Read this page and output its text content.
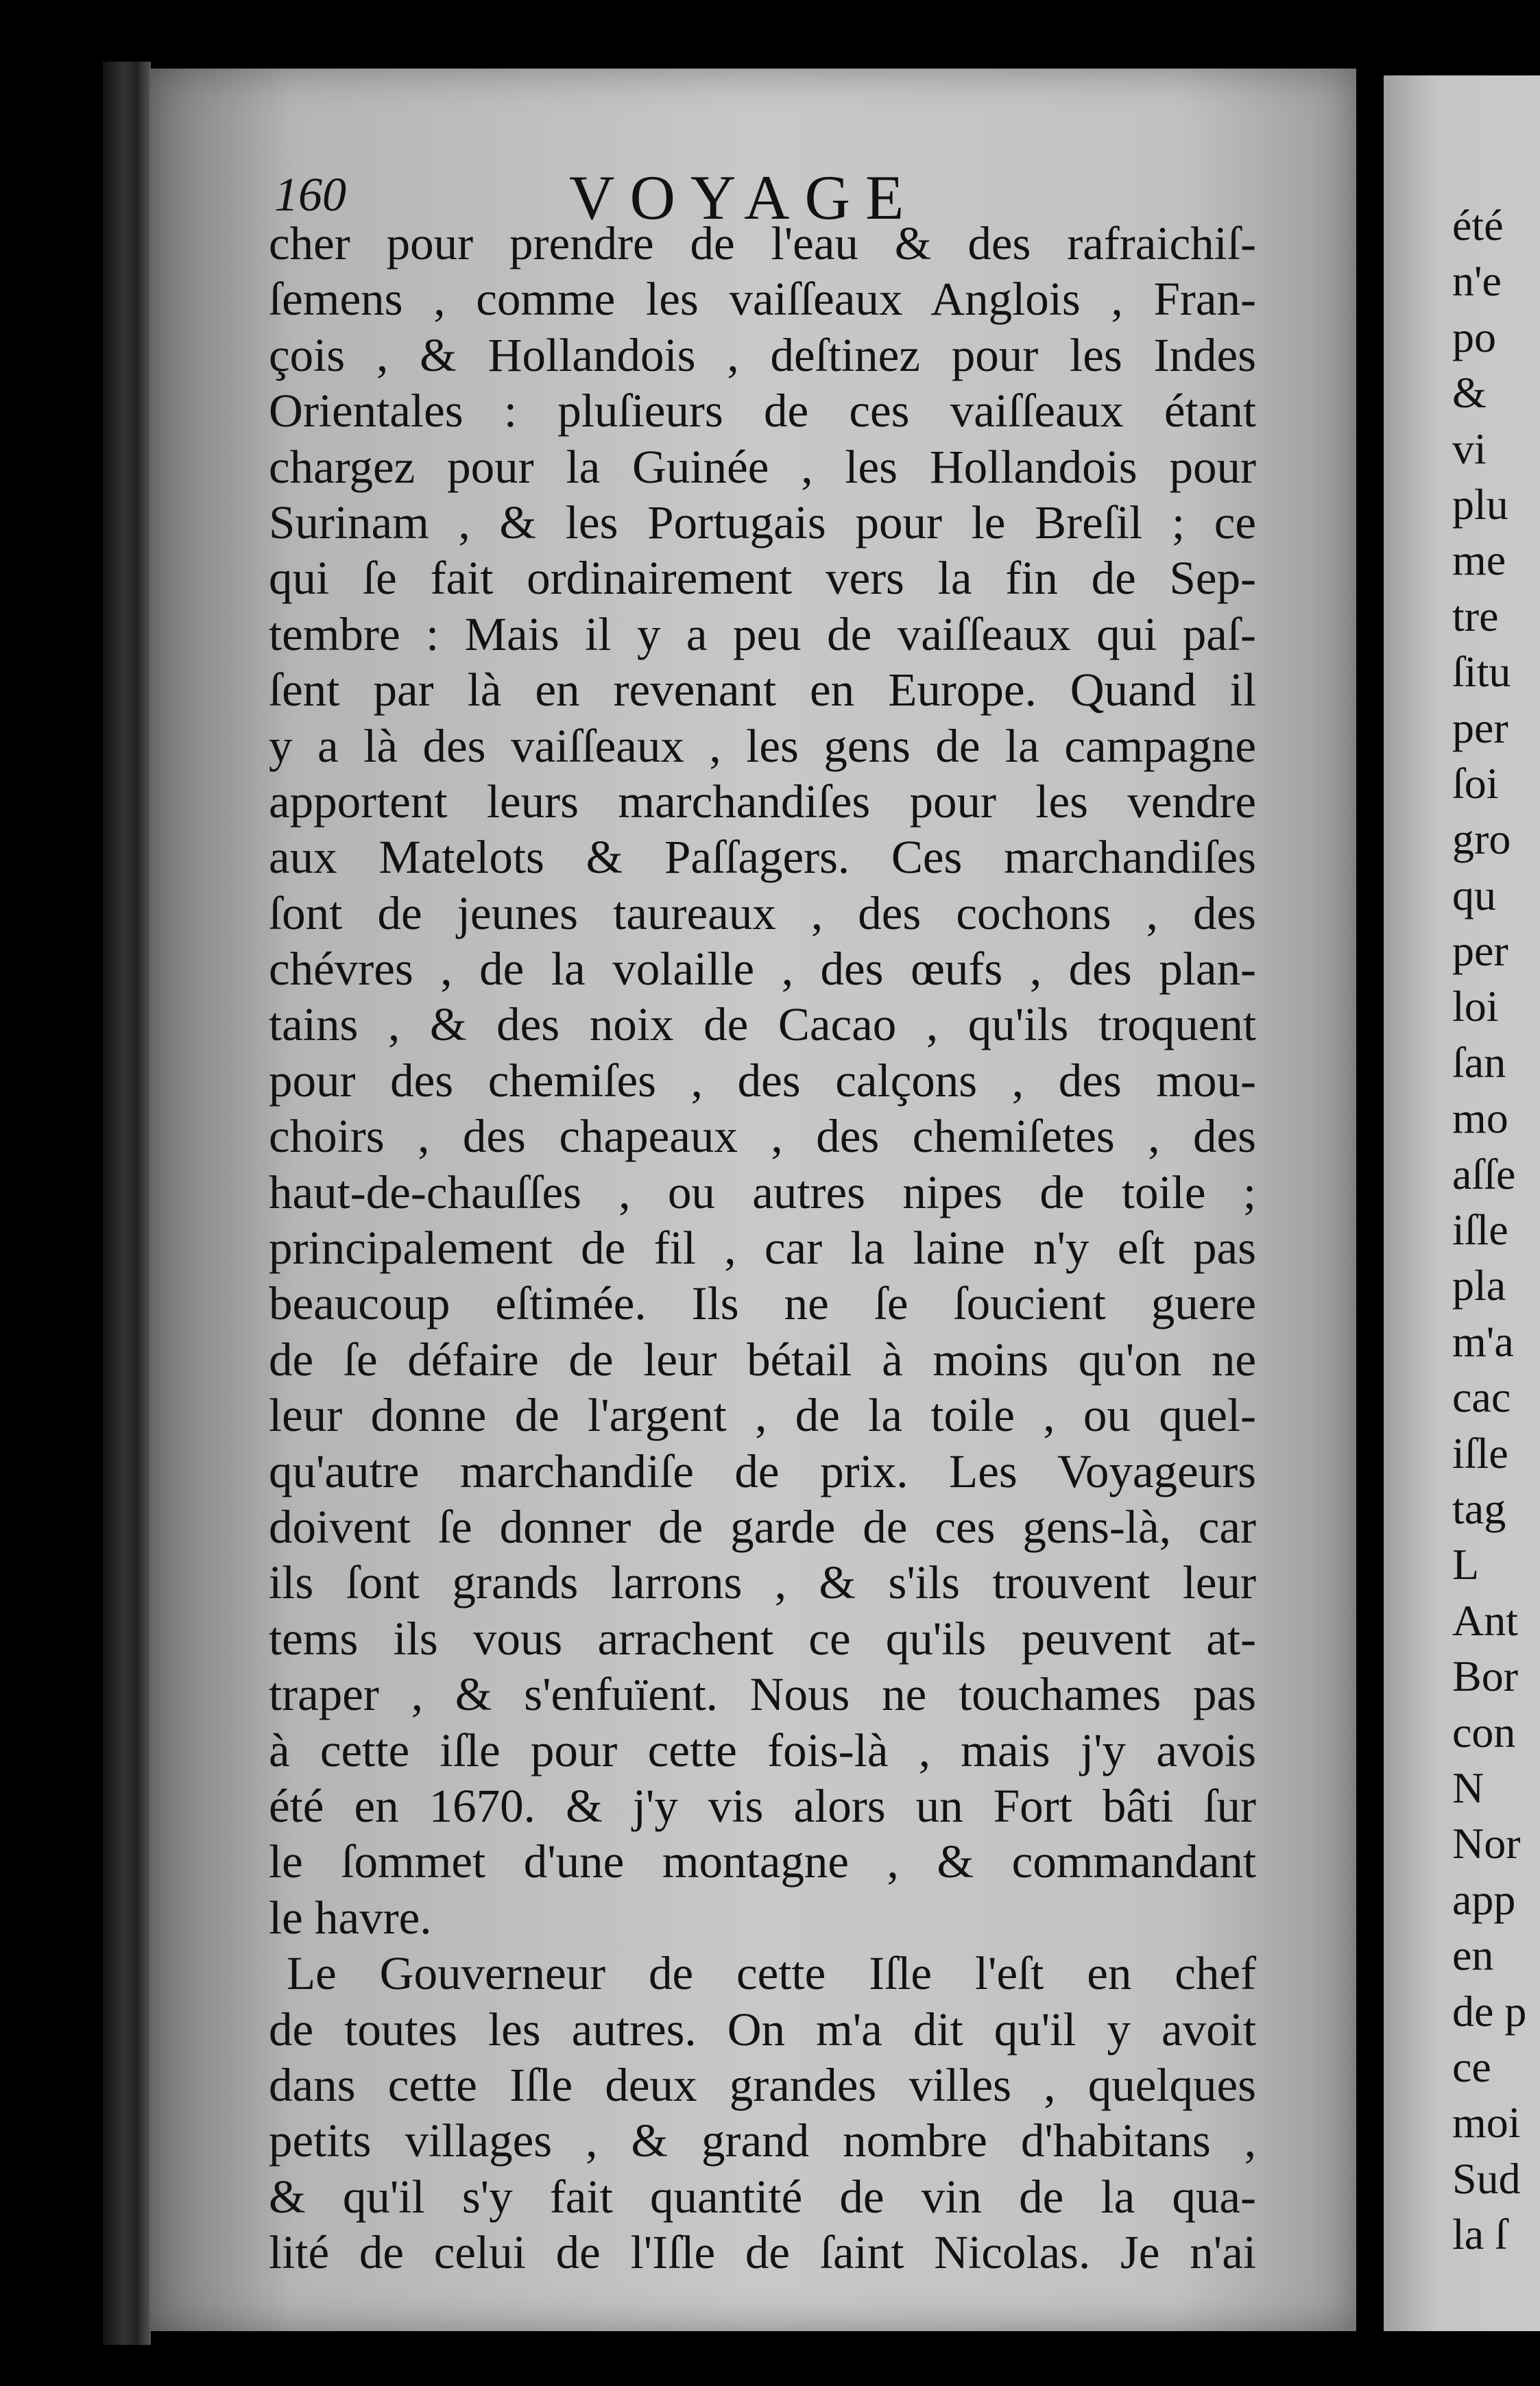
160	VOYAGE
cher pour prendre de l'eau & des rafraichiſ-
ſemens , comme les vaiſſeaux Anglois , Fran-
çois , & Hollandois , deſtinez pour les Indes
Orientales : pluſieurs de ces vaiſſeaux étant
chargez pour la Guinée , les Hollandois pour
Surinam , & les Portugais pour le Breſil ; ce
qui ſe fait ordinairement vers la fin de Sep-
tembre : Mais il y a peu de vaiſſeaux qui paſ-
ſent par là en revenant en Europe. Quand il
y a là des vaiſſeaux , les gens de la campagne
apportent leurs marchandiſes pour les vendre
aux Matelots & Paſſagers. Ces marchandiſes
ſont de jeunes taureaux , des cochons , des
chévres , de la volaille , des œufs , des plan-
tains , & des noix de Cacao , qu'ils troquent
pour des chemiſes , des calçons , des mou-
choirs , des chapeaux , des chemiſetes , des
haut-de-chauſſes , ou autres nipes de toile ;
principalement de fil , car la laine n'y eſt pas
beaucoup eſtimée. Ils ne ſe ſoucient guere
de ſe défaire de leur bétail à moins qu'on ne
leur donne de l'argent , de la toile , ou quel-
qu'autre marchandiſe de prix. Les Voyageurs
doivent ſe donner de garde de ces gens-là, car
ils ſont grands larrons , & s'ils trouvent leur
tems ils vous arrachent ce qu'ils peuvent at-
traper , & s'enfuïent. Nous ne touchames pas
à cette iſle pour cette fois-là , mais j'y avois
été en 1670. & j'y vis alors un Fort bâti ſur
le ſommet d'une montagne , & commandant
le havre.
Le Gouverneur de cette Iſle l'eſt en chef
de toutes les autres. On m'a dit qu'il y avoit
dans cette Iſle deux grandes villes , quelques
petits villages , & grand nombre d'habitans ,
& qu'il s'y fait quantité de vin de la qua-
lité de celui de l'Iſle de ſaint Nicolas. Je n'ai
été
n'e
po
&
vi
plu
me
tre
ſitu
per
ſoi
gro
qu
per
loi
ſan
mo
aſſe
iſle
pla
m'a
cac
iſle
tag
L
Ant
Bor
con
N
Nor
app
en
de p
ce
moi
Sud
la ſ
